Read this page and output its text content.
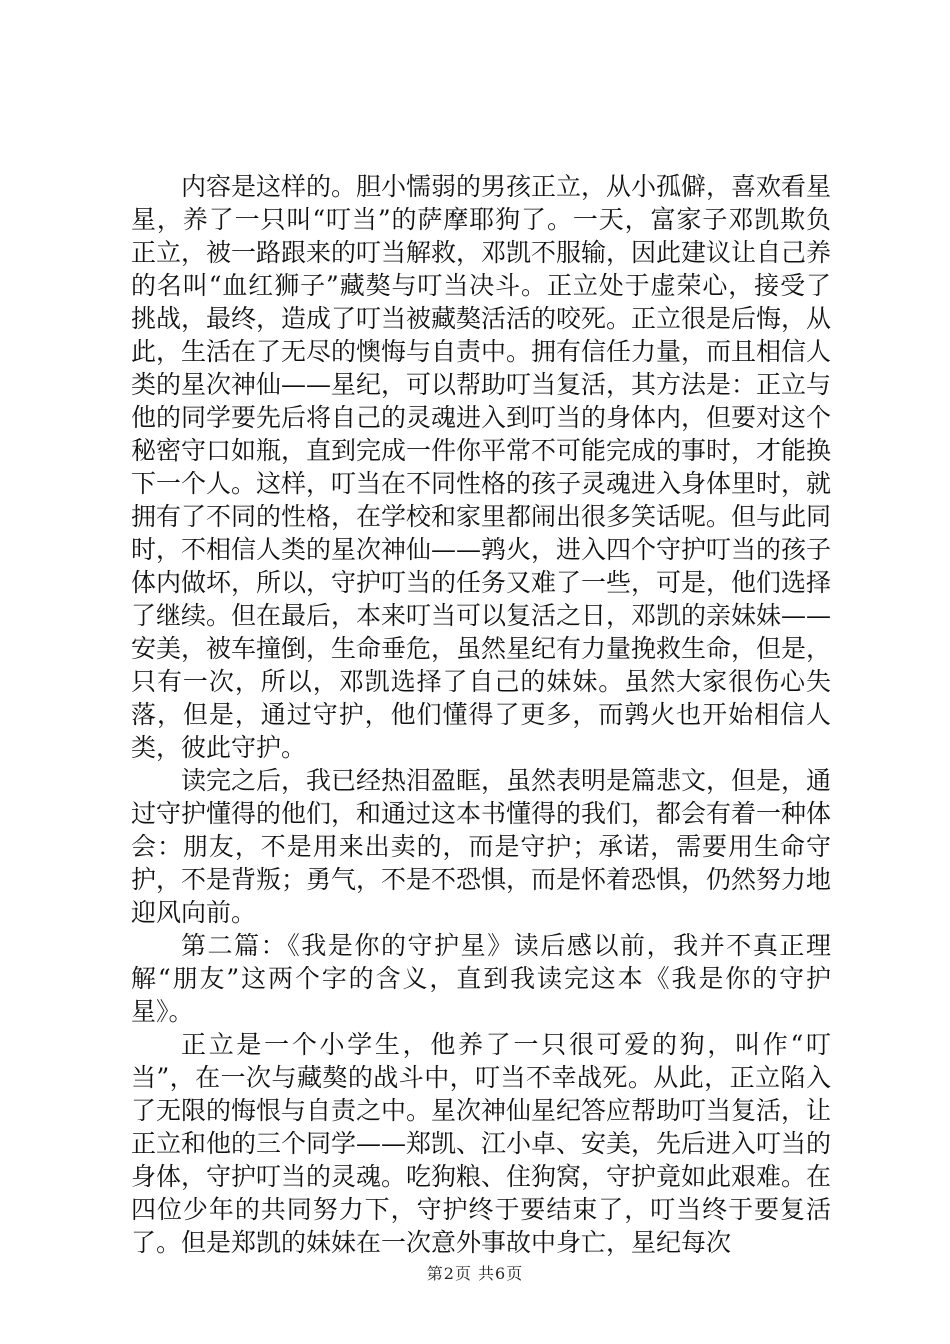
内容是这样的。胆小懦弱的男孩正立，从小孤僻，喜欢看星星，养了一只叫“叮当”的萨摩耶狗了。一天，富家子邓凯欺负正立，被一路跟来的叮当解救，邓凯不服输，因此建议让自己养的名叫“血红狮子”藏獒与叮当决斗。正立处于虚荣心，接受了挑战，最终，造成了叮当被藏獒活活的咬死。正立很是后悔，从此，生活在了无尽的懊悔与自责中。拥有信任力量，而且相信人类的星次神仙——星纪，可以帮助叮当复活，其方法是：正立与他的同学要先后将自己的灵魂进入到叮当的身体内，但要对这个秘密守口如瓶，直到完成一件你平常不可能完成的事时，才能换下一个人。这样，叮当在不同性格的孩子灵魂进入身体里时，就拥有了不同的性格，在学校和家里都闹出很多笑话呢。但与此同时，不相信人类的星次神仙——鹑火，进入四个守护叮当的孩子体内做坏，所以，守护叮当的任务又难了一些，可是，他们选择了继续。但在最后，本来叮当可以复活之日，邓凯的亲妹妹——安美，被车撞倒，生命垂危，虽然星纪有力量挽救生命，但是，只有一次，所以，邓凯选择了自己的妹妹。虽然大家很伤心失落，但是，通过守护，他们懂得了更多，而鹑火也开始相信人类，彼此守护。

读完之后，我已经热泪盈眶，虽然表明是篇悲文，但是，通过守护懂得的他们，和通过这本书懂得的我们，都会有着一种体会：朋友，不是用来出卖的，而是守护；承诺，需要用生命守护，不是背叛；勇气，不是不恐惧，而是怀着恐惧，仍然努力地迎风向前。

第二篇：《我是你的守护星》读后感以前，我并不真正理解“朋友”这两个字的含义，直到我读完这本《我是你的守护星》。

正立是一个小学生，他养了一只很可爱的狗，叫作“叮当”，在一次与藏獒的战斗中，叮当不幸战死。从此，正立陷入了无限的悔恨与自责之中。星次神仙星纪答应帮助叮当复活，让正立和他的三个同学——郑凯、江小卓、安美，先后进入叮当的身体，守护叮当的灵魂。吃狗粮、住狗窝，守护竟如此艰难。在四位少年的共同努力下，守护终于要结束了，叮当终于要复活了。但是郑凯的妹妹在一次意外事故中身亡，星纪每次

第2页 共6页
